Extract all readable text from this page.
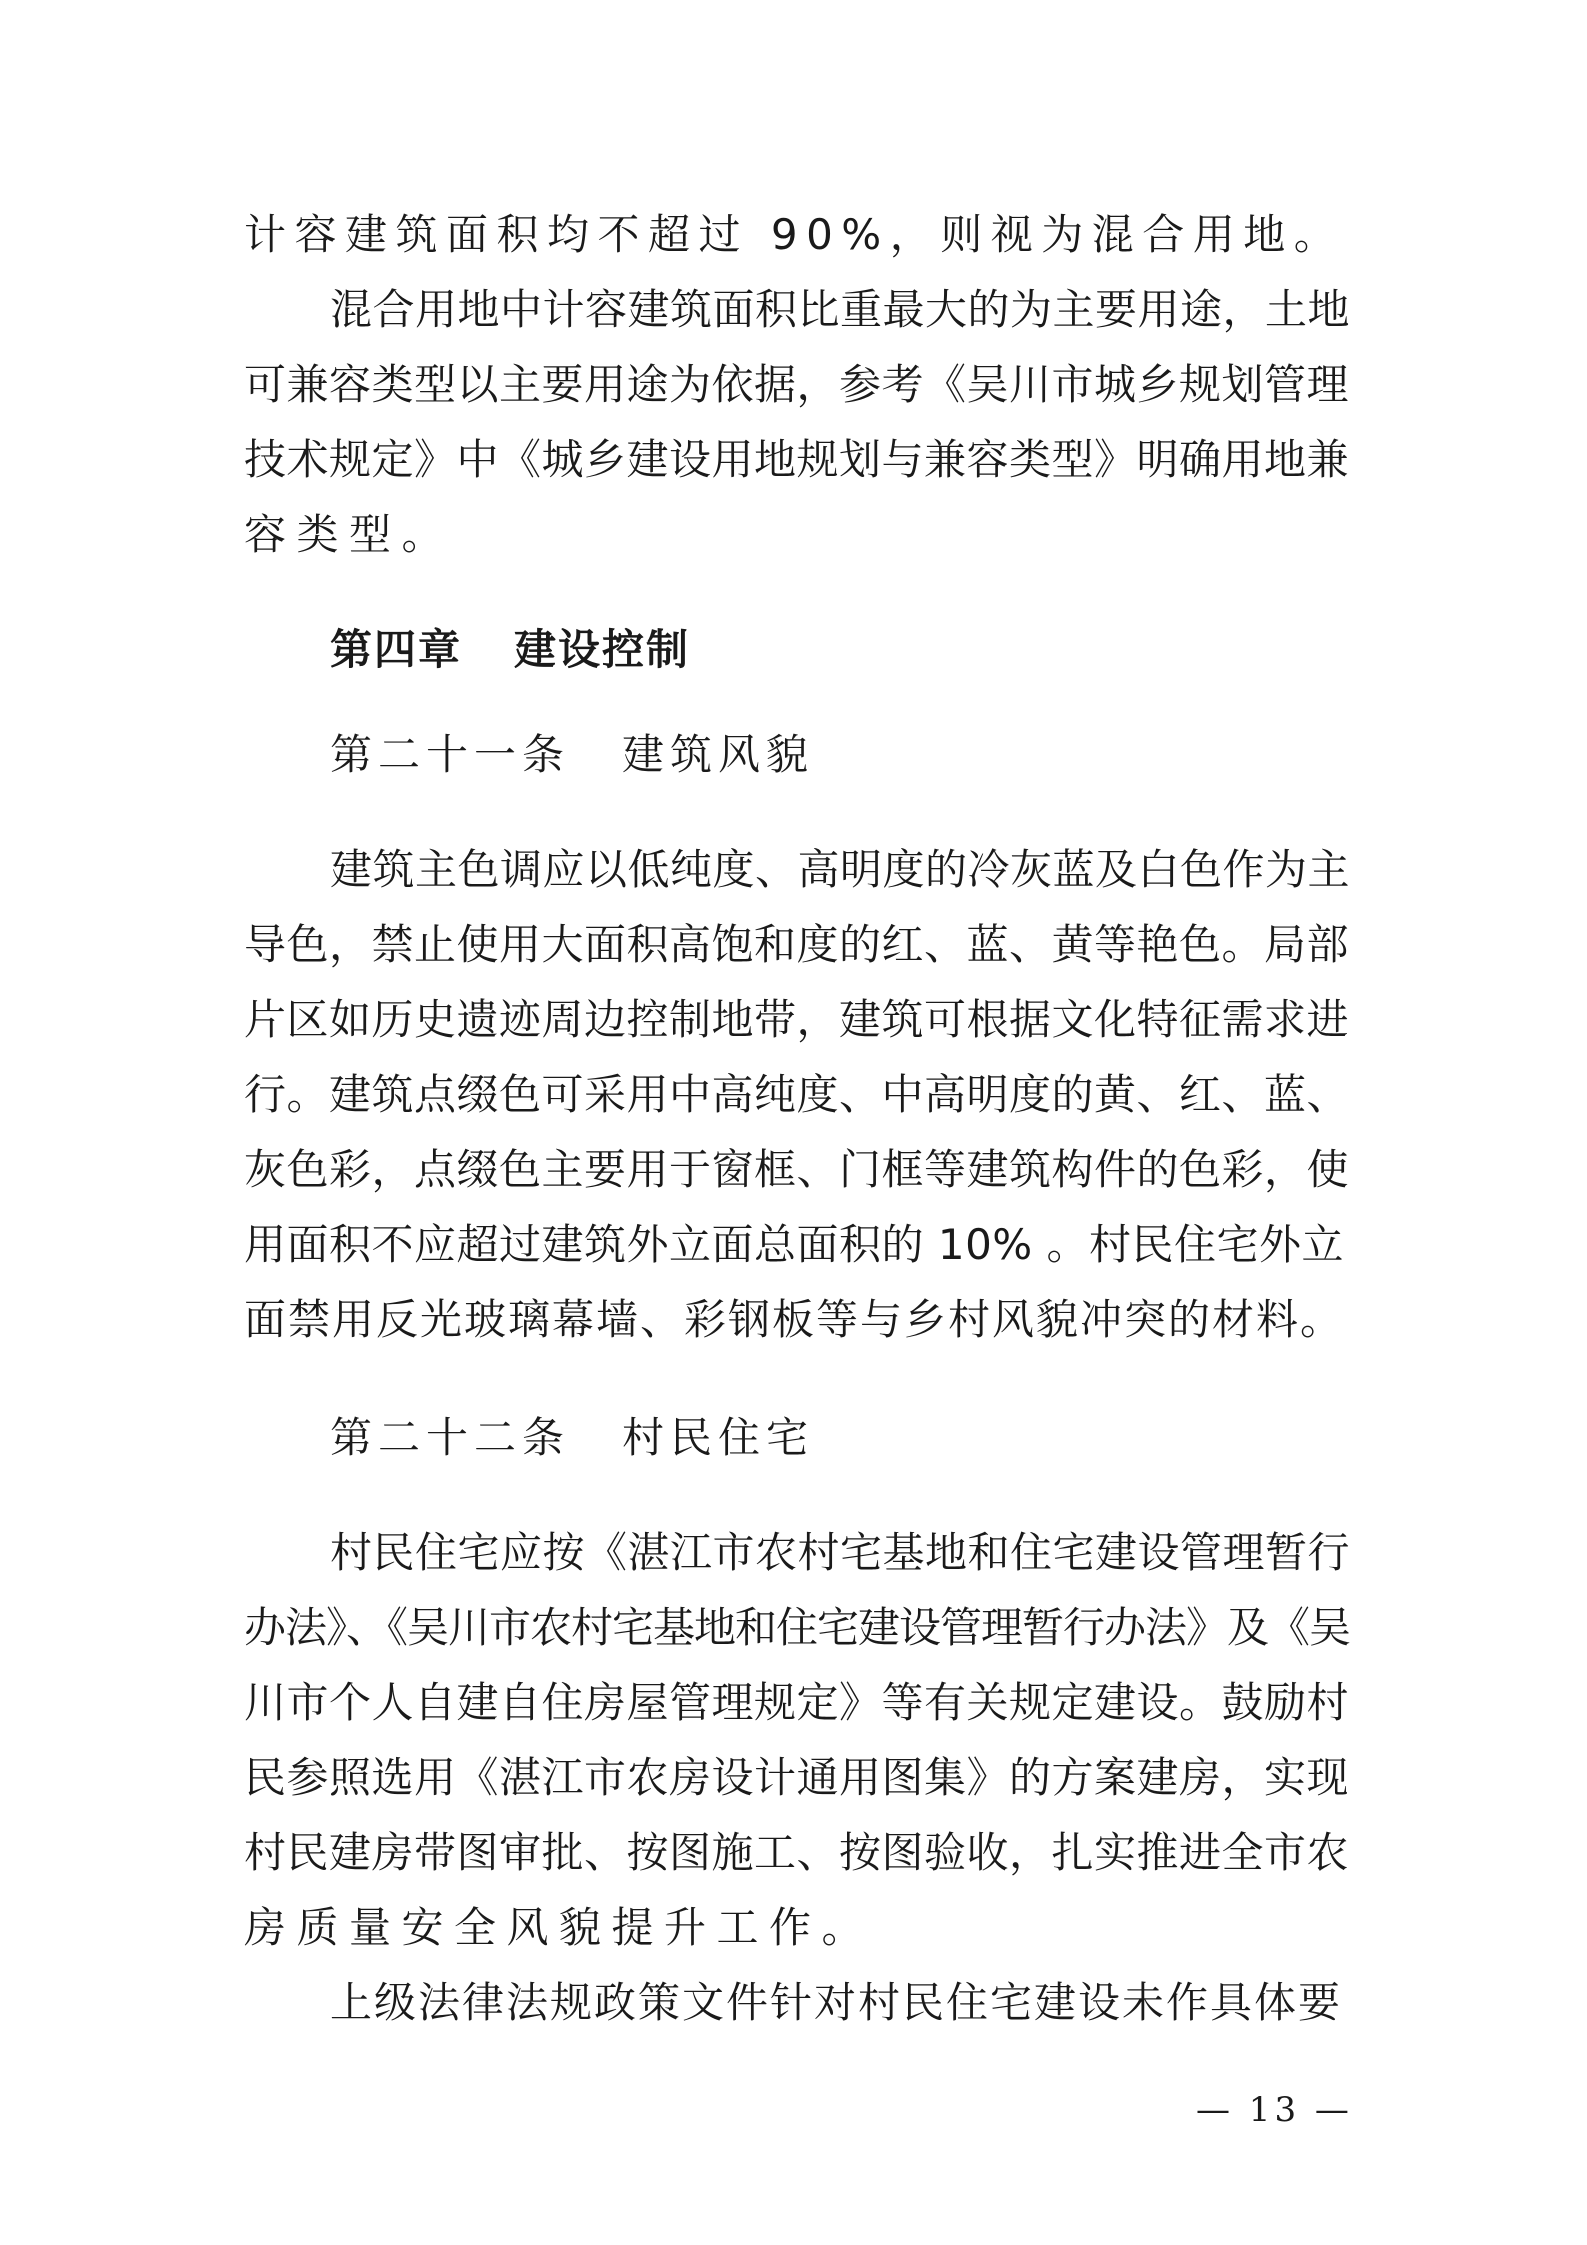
计容建筑面积均不超过 90%，则视为混合用地。
混合用地中计容建筑面积比重最大的为主要用途，土地
可兼容类型以主要用途为依据，参考《吴川市城乡规划管理
技术规定》中《城乡建设用地规划与兼容类型》明确用地兼
容类型。
第四章 建设控制
第二十一条 建筑风貌
建筑主色调应以低纯度、高明度的冷灰蓝及白色作为主
导色，禁止使用大面积高饱和度的红、蓝、黄等艳色。局部
片区如历史遗迹周边控制地带，建筑可根据文化特征需求进
行。建筑点缀色可采用中高纯度、中高明度的黄、红、蓝、
灰色彩，点缀色主要用于窗框、门框等建筑构件的色彩，使
用面积不应超过建筑外立面总面积的 10% 。村民住宅外立
面禁用反光玻璃幕墙、彩钢板等与乡村风貌冲突的材料。
第二十二条 村民住宅
村民住宅应按《湛江市农村宅基地和住宅建设管理暂行
办法》、《吴川市农村宅基地和住宅建设管理暂行办法》及《吴
川市个人自建自住房屋管理规定》等有关规定建设。鼓励村
民参照选用《湛江市农房设计通用图集》的方案建房，实现
村民建房带图审批、按图施工、按图验收，扎实推进全市农
房质量安全风貌提升工作。
上级法律法规政策文件针对村民住宅建设未作具体要
— 13 —
